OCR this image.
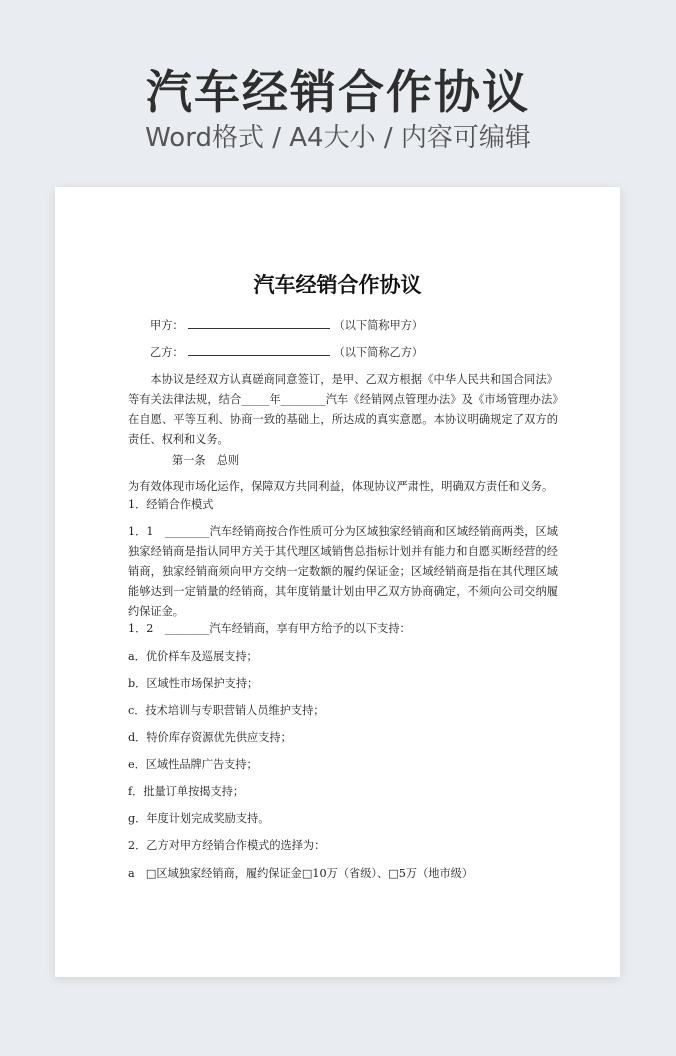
汽车经销合作协议
Word格式 / A4大小 / 内容可编辑
汽车经销合作协议
甲方：	（以下简称甲方）
乙方：	（以下简称乙方）
本协议是经双方认真磋商同意签订，是甲、乙双方根据《中华人民共和国合同法》等有关法律法规，结合_____年________汽车《经销网点管理办法》及《市场管理办法》在自愿、平等互利、协商一致的基础上，所达成的真实意愿。本协议明确规定了双方的责任、权利和义务。
第一条　总则
为有效体现市场化运作，保障双方共同利益，体现协议严肃性，明确双方责任和义务。
1．经销合作模式
1．1　________汽车经销商按合作性质可分为区域独家经销商和区域经销商两类，区域独家经销商是指认同甲方关于其代理区域销售总指标计划并有能力和自愿买断经营的经销商，独家经销商须向甲方交纳一定数额的履约保证金；区域经销商是指在其代理区域能够达到一定销量的经销商，其年度销量计划由甲乙双方协商确定，不须向公司交纳履约保证金。
1．2　________汽车经销商，享有甲方给予的以下支持：
a．优价样车及巡展支持；
b．区域性市场保护支持；
c．技术培训与专职营销人员维护支持；
d．特价库存资源优先供应支持；
e．区域性品牌广告支持；
f．批量订单按揭支持；
g．年度计划完成奖励支持。
2．乙方对甲方经销合作模式的选择为：
a　□区域独家经销商，履约保证金□10万（省级）、□5万（地市级）
